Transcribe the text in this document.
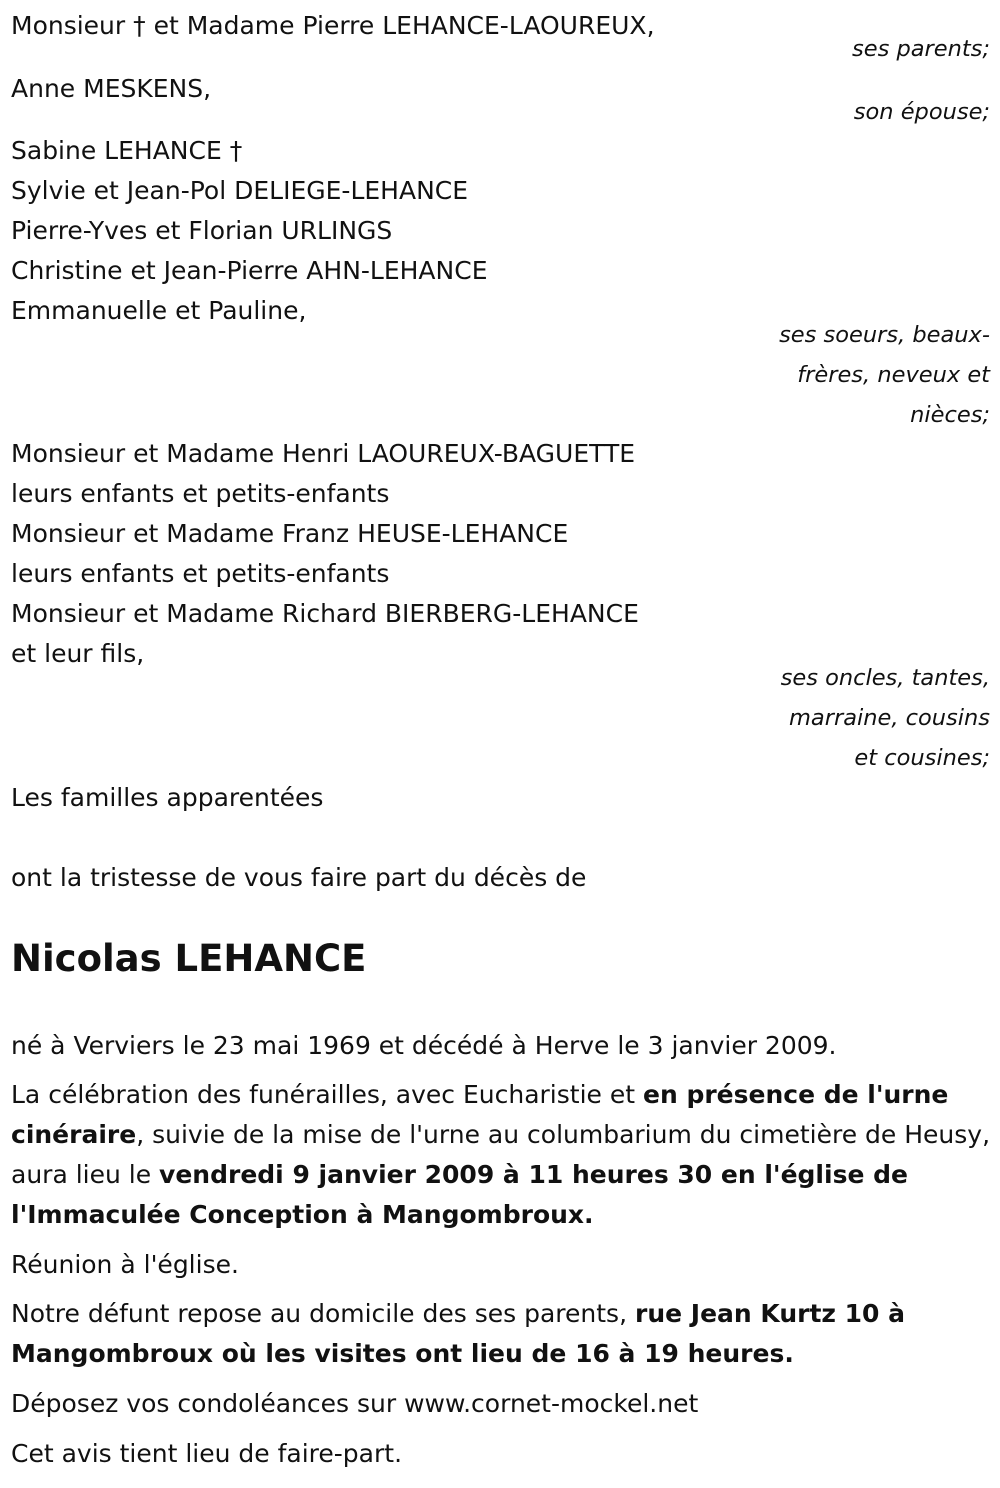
Monsieur † et Madame Pierre LEHANCE-LAOUREUX,
ses parents;
Anne MESKENS,
son épouse;
Sabine LEHANCE †
Sylvie et Jean-Pol DELIEGE-LEHANCE
Pierre-Yves et Florian URLINGS
Christine et Jean-Pierre AHN-LEHANCE
Emmanuelle et Pauline,
ses soeurs, beaux-
frères, neveux et
nièces;
Monsieur et Madame Henri LAOUREUX-BAGUETTE
leurs enfants et petits-enfants
Monsieur et Madame Franz HEUSE-LEHANCE
leurs enfants et petits-enfants
Monsieur et Madame Richard BIERBERG-LEHANCE
et leur fils,
ses oncles, tantes,
marraine, cousins
et cousines;
Les familles apparentées
ont la tristesse de vous faire part du décès de
Nicolas LEHANCE
né à Verviers le 23 mai 1969 et décédé à Herve le 3 janvier 2009.
La célébration des funérailles, avec Eucharistie et en présence de l'urne cinéraire, suivie de la mise de l'urne au columbarium du cimetière de Heusy, aura lieu le vendredi 9 janvier 2009 à 11 heures 30 en l'église de l'Immaculée Conception à Mangombroux.
Réunion à l'église.
Notre défunt repose au domicile des ses parents, rue Jean Kurtz 10 à Mangombroux où les visites ont lieu de 16 à 19 heures.
Déposez vos condoléances sur www.cornet-mockel.net
Cet avis tient lieu de faire-part.
